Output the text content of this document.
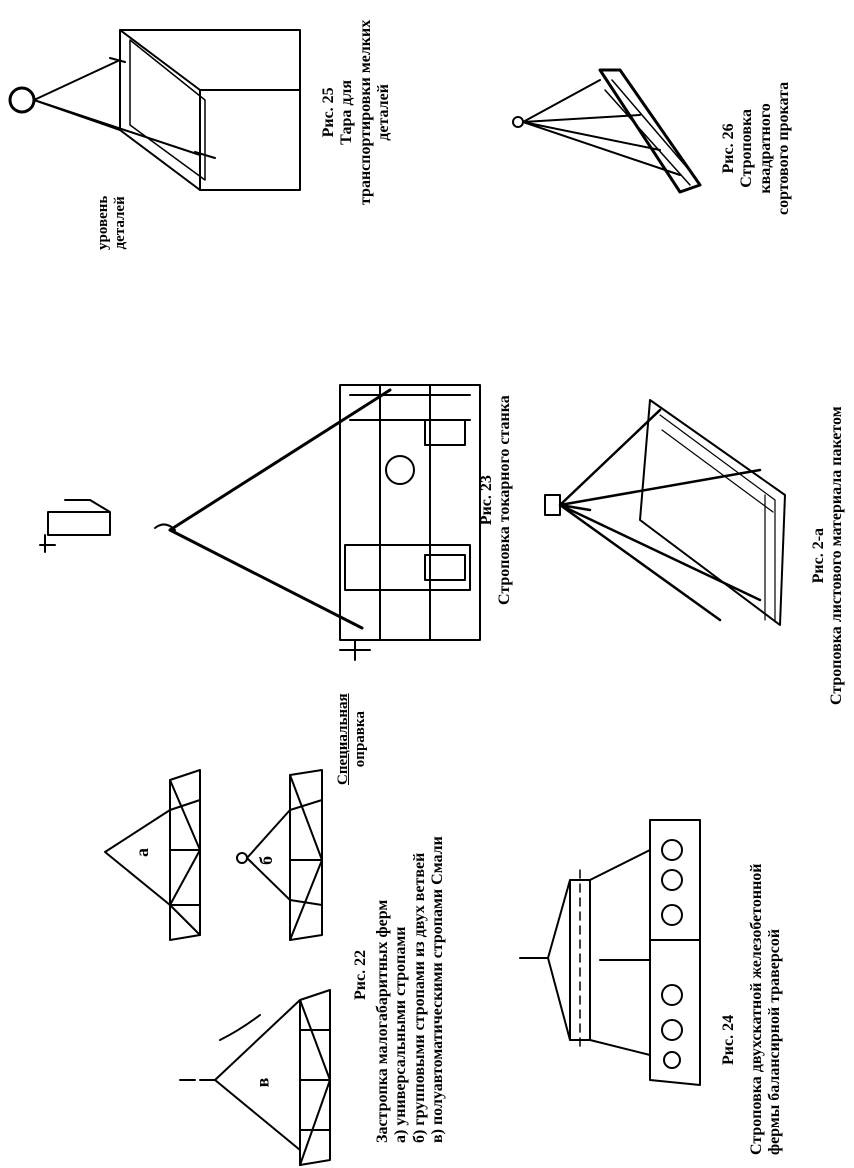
Рис. 25 Тара для транспортировки мелких деталей
уровень деталей
Рис. 26 Строповка квадратного сортового проката
Рис. 23 Строповка токарного станка
Специальная оправка
Рис. 2-а Строповка листового материала пакетом
Рис. 22 Застропка малогабаритных ферм а) универсальными стропами б) групповыми стропами из двух ветвей в) полуавтоматическими стропами Смали
а
б
в
Рис. 24 Строповка двухскатной железобетонной фермы балансирной траверсой
